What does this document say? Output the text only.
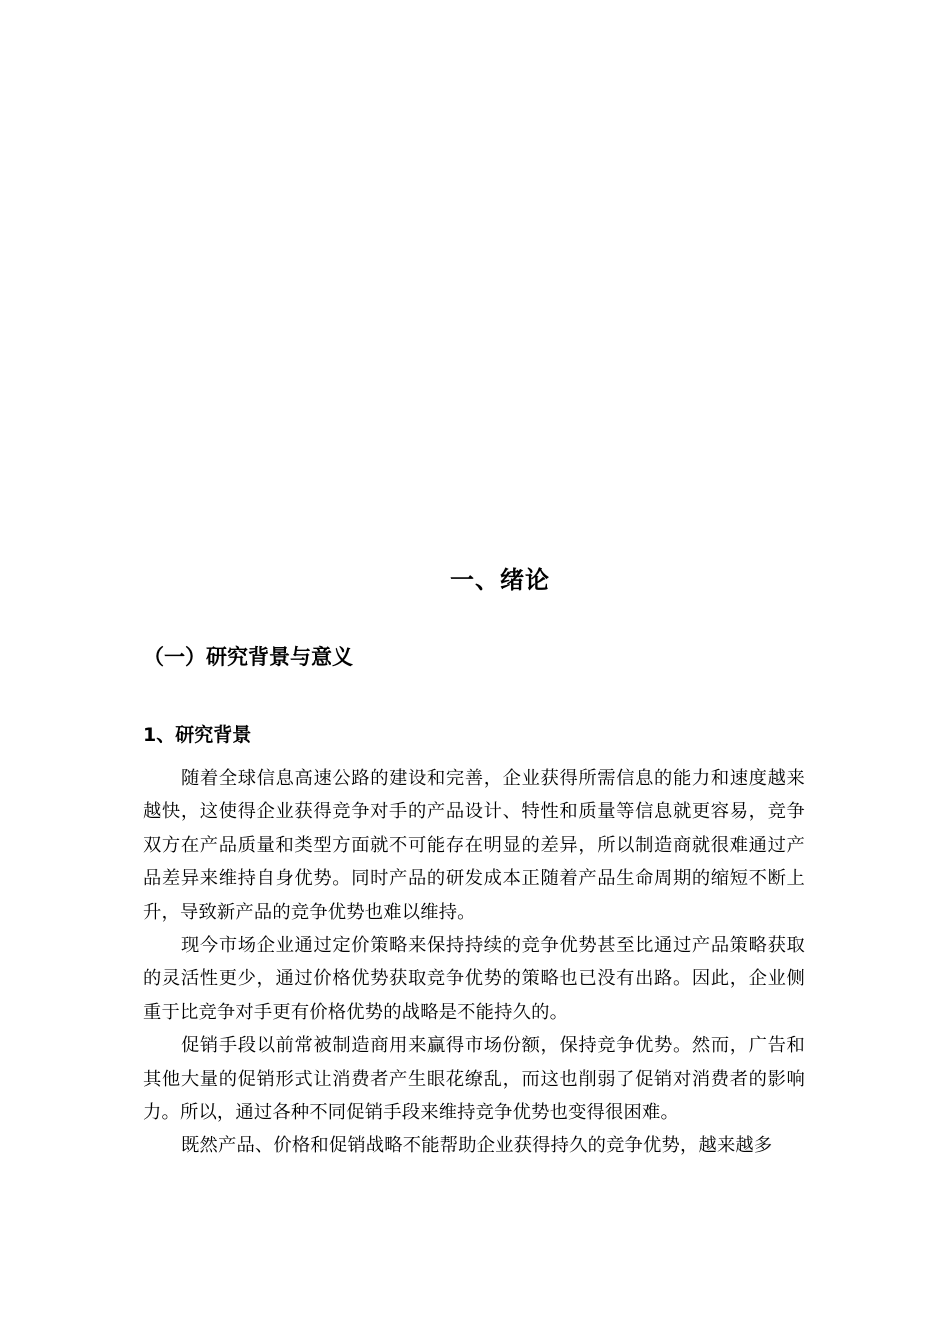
一、绪论
（一）研究背景与意义
1、研究背景

随着全球信息高速公路的建设和完善，企业获得所需信息的能力和速度越来越快，这使得企业获得竞争对手的产品设计、特性和质量等信息就更容易，竞争双方在产品质量和类型方面就不可能存在明显的差异，所以制造商就很难通过产品差异来维持自身优势。同时产品的研发成本正随着产品生命周期的缩短不断上升，导致新产品的竞争优势也难以维持。

现今市场企业通过定价策略来保持持续的竞争优势甚至比通过产品策略获取的灵活性更少，通过价格优势获取竞争优势的策略也已没有出路。因此，企业侧重于比竞争对手更有价格优势的战略是不能持久的。

促销手段以前常被制造商用来赢得市场份额，保持竞争优势。然而，广告和其他大量的促销形式让消费者产生眼花缭乱，而这也削弱了促销对消费者的影响力。所以，通过各种不同促销手段来维持竞争优势也变得很困难。

既然产品、价格和促销战略不能帮助企业获得持久的竞争优势，越来越多
